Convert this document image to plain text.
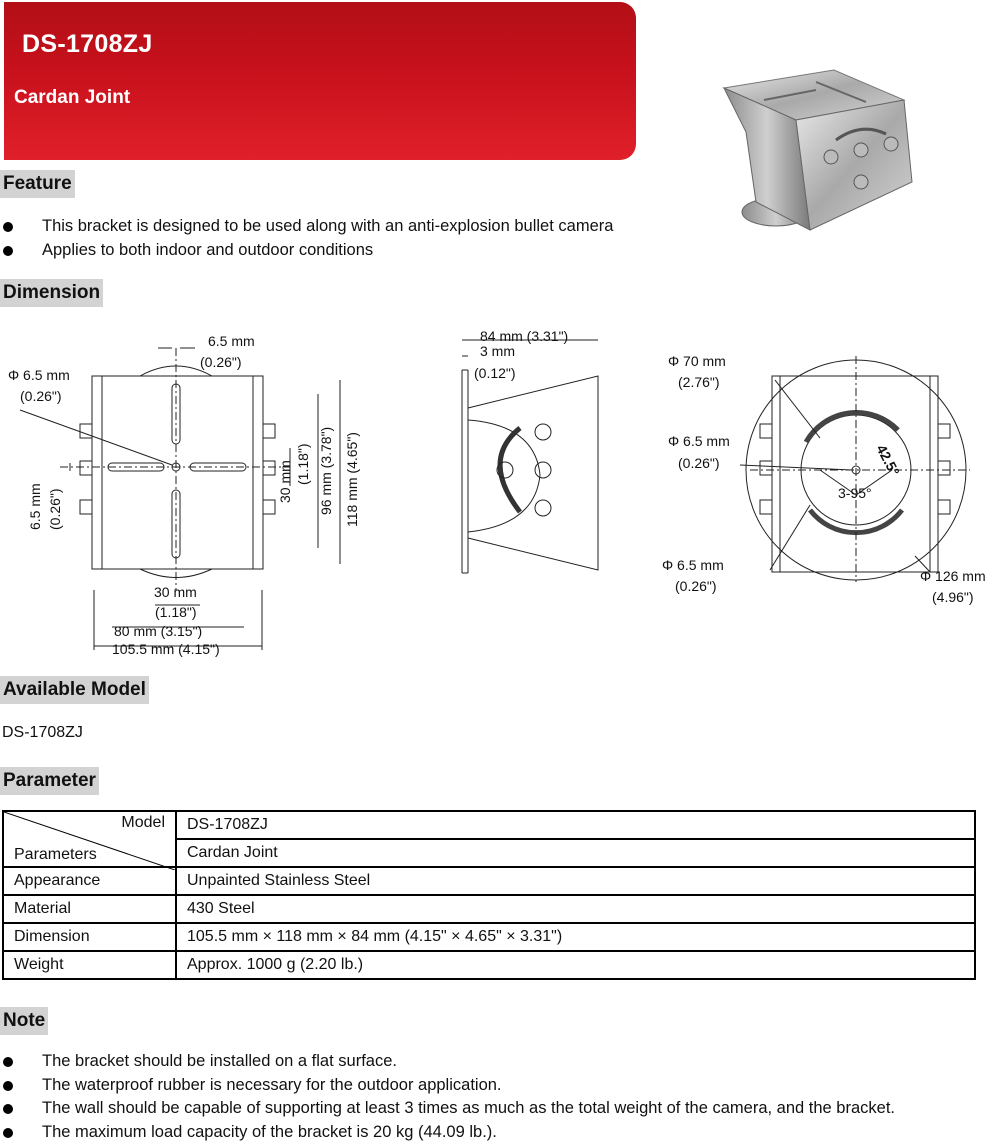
DS-1708ZJ
Cardan Joint
Feature
This bracket is designed to be used along with an anti-explosion bullet camera
Applies to both indoor and outdoor conditions
Dimension
6.5 mm
(0.26")
Φ 6.5 mm
(0.26")
6.5 mm (0.26")
30 mm (1.18") 96 mm (3.78") 118 mm (4.65")
30 mm
(1.18")
80 mm (3.15")
105.5 mm (4.15")
84 mm (3.31")
3 mm
(0.12")
Φ 70 mm
(2.76")
Φ 6.5 mm
(0.26")	42.5°
3-95°
Φ 6.5 mm
(0.26")
Φ 126 mm
(4.96")
Available Model
DS-1708ZJ
Parameter
Model
Parameters	DS-1708ZJ
	Cardan Joint
Appearance	Unpainted Stainless Steel
Material	430 Steel
Dimension	105.5 mm × 118 mm × 84 mm (4.15" × 4.65" × 3.31")
Weight	Approx. 1000 g (2.20 lb.)
Note
The bracket should be installed on a flat surface.
The waterproof rubber is necessary for the outdoor application.
The wall should be capable of supporting at least 3 times as much as the total weight of the camera, and the bracket.
The maximum load capacity of the bracket is 20 kg (44.09 lb.).
